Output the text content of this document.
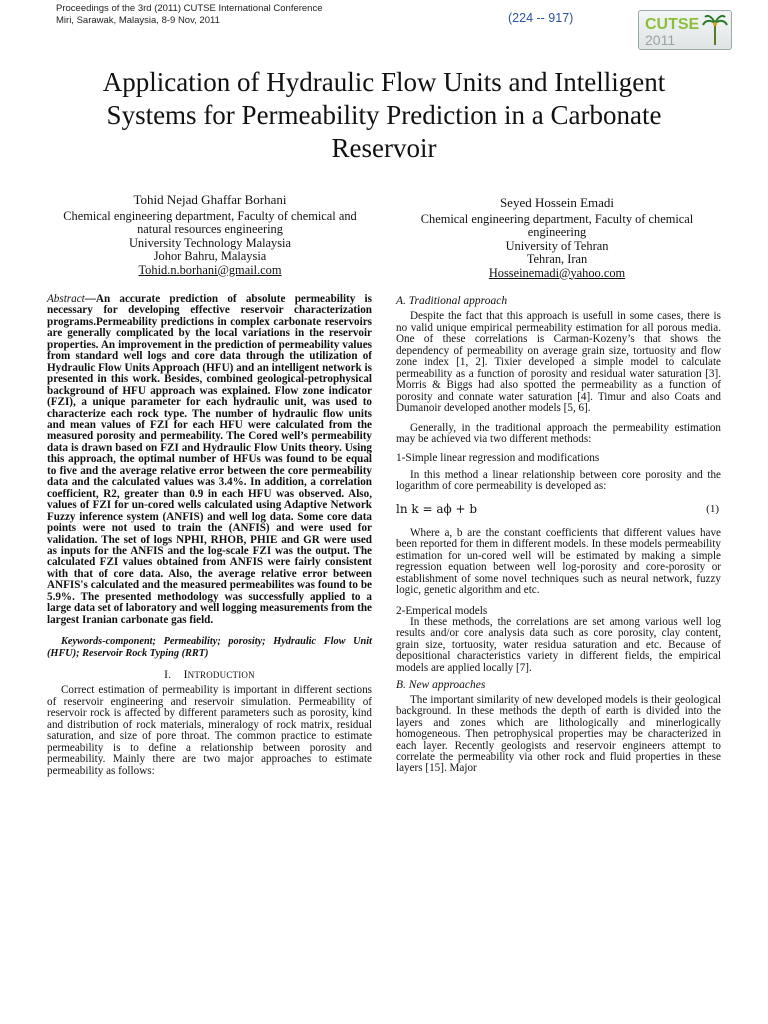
Proceedings of the 3rd (2011) CUTSE International Conference
Miri, Sarawak, Malaysia, 8-9 Nov, 2011	(224 -- 917)	CUTSE
2011
Application of Hydraulic Flow Units and Intelligent
Systems for Permeability Prediction in a Carbonate
Reservoir
Tohid Nejad Ghaffar Borhani
Chemical engineering department, Faculty of chemical and
natural resources engineering
University Technology Malaysia
Johor Bahru, Malaysia
Tohid.n.borhani@gmail.com
Seyed Hossein Emadi
Chemical engineering department, Faculty of chemical
engineering
University of Tehran
Tehran, Iran
Hosseinemadi@yahoo.com

Abstract—An accurate prediction of absolute permeability is necessary for developing effective reservoir characterization programs.Permeability predictions in complex carbonate reservoirs are generally complicated by the local variations in the reservoir properties. An improvement in the prediction of permeability values from standard well logs and core data through the utilization of Hydraulic Flow Units Approach (HFU) and an intelligent network is presented in this work. Besides, combined geological-petrophysical background of HFU approach was explained. Flow zone indicator (FZI), a unique parameter for each hydraulic unit, was used to characterize each rock type. The number of hydraulic flow units and mean values of FZI for each HFU were calculated from the measured porosity and permeability. The Cored well’s permeability data is drawn based on FZI and Hydraulic Flow Units theory. Using this approach, the optimal number of HFUs was found to be equal to five and the average relative error between the core permeability data and the calculated values was 3.4%. In addition, a correlation coefficient, R2, greater than 0.9 in each HFU was observed. Also, values of FZI for un-cored wells calculated using Adaptive Network Fuzzy inference system (ANFIS) and well log data. Some core data points were not used to train the (ANFIS) and were used for validation. The set of logs NPHI, RHOB, PHIE and GR were used as inputs for the ANFIS and the log-scale FZI was the output. The calculated FZI values obtained from ANFIS were fairly consistent with that of core data. Also, the average relative error between ANFIS's calculated and the measured permeabilites was found to be 5.9%. The presented methodology was successfully applied to a large data set of laboratory and well logging measurements from the largest Iranian carbonate gas field.

Keywords-component; Permeability; porosity; Hydraulic Flow Unit (HFU); Reservoir Rock Typing (RRT)

I. INTRODUCTION

Correct estimation of permeability is important in different sections of reservoir engineering and reservoir simulation. Permeability of reservoir rock is affected by different parameters such as porosity, kind and distribution of rock materials, mineralogy of rock matrix, residual saturation, and size of pore throat. The common practice to estimate permeability is to define a relationship between porosity and permeability. Mainly there are two major approaches to estimate permeability as follows:

A. Traditional approach

Despite the fact that this approach is usefull in some cases, there is no valid unique empirical permeability estimation for all porous media. One of these correlations is Carman-Kozeny’s that shows the dependency of permeability on average grain size, tortuosity and flow zone index [1, 2]. Tixier developed a simple model to calculate permeability as a function of porosity and residual water saturation [3]. Morris & Biggs had also spotted the permeability as a function of porosity and connate water saturation [4]. Timur and also Coats and Dumanoir developed another models [5, 6].

Generally, in the traditional approach the permeability estimation may be achieved via two different methods:

1-Simple linear regression and modifications

In this method a linear relationship between core porosity and the logarithm of core permeability is developed as:

ln k = aϕ + b	(1)

Where a, b are the constant coefficients that different values have been reported for them in different models. In these models permeability estimation for un-cored well will be estimated by making a simple regression equation between well log-porosity and core-porosity or establishment of some novel techniques such as neural network, fuzzy logic, genetic algorithm and etc.

2-Emperical models

In these methods, the correlations are set among various well log results and/or core analysis data such as core porosity, clay content, grain size, tortuosity, water residua saturation and etc. Because of depositional characteristics variety in different fields, the empirical models are applied locally [7].

B. New approaches

The important similarity of new developed models is their geological background. In these methods the depth of earth is divided into the layers and zones which are lithologically and minerlogically homogeneous. Then petrophysical properties may be characterized in each layer. Recently geologists and reservoir engineers attempt to correlate the permeability via other rock and fluid properties in these layers [15]. Major
